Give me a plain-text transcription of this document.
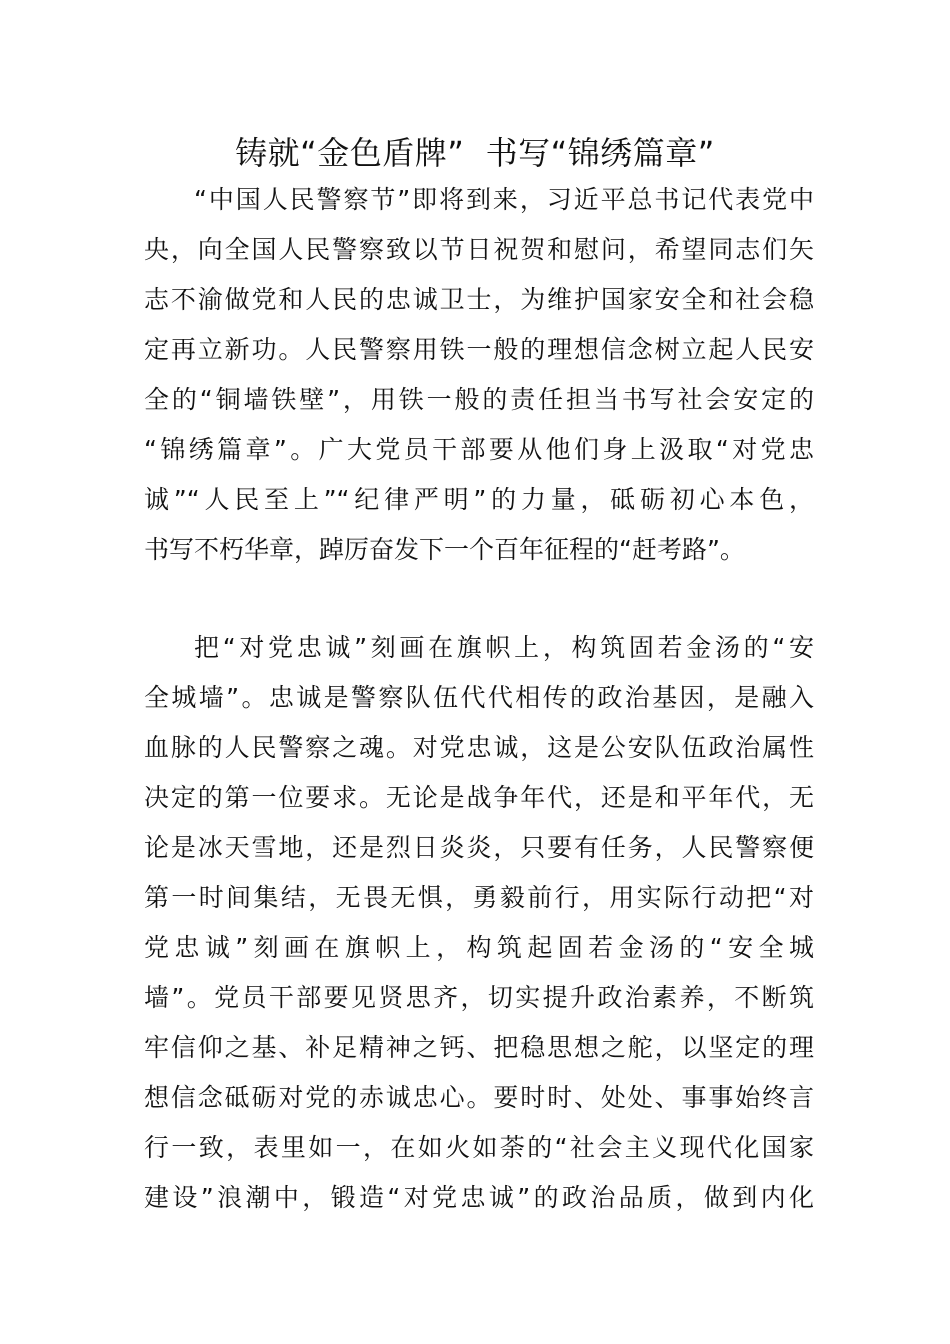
铸就“金色盾牌”  书写“锦绣篇章”
“中国人民警察节”即将到来，习近平总书记代表党中
央，向全国人民警察致以节日祝贺和慰问，希望同志们矢
志不渝做党和人民的忠诚卫士，为维护国家安全和社会稳
定再立新功。人民警察用铁一般的理想信念树立起人民安
全的“铜墙铁壁”，用铁一般的责任担当书写社会安定的
“锦绣篇章”。广大党员干部要从他们身上汲取“对党忠
诚”“人民至上”“纪律严明”的力量，砥砺初心本色，
书写不朽华章，踔厉奋发下一个百年征程的“赶考路”。
把“对党忠诚”刻画在旗帜上，构筑固若金汤的“安
全城墙”。忠诚是警察队伍代代相传的政治基因，是融入
血脉的人民警察之魂。对党忠诚，这是公安队伍政治属性
决定的第一位要求。无论是战争年代，还是和平年代，无
论是冰天雪地，还是烈日炎炎，只要有任务，人民警察便
第一时间集结，无畏无惧，勇毅前行，用实际行动把“对
党忠诚”刻画在旗帜上，构筑起固若金汤的“安全城
墙”。党员干部要见贤思齐，切实提升政治素养，不断筑
牢信仰之基、补足精神之钙、把稳思想之舵，以坚定的理
想信念砥砺对党的赤诚忠心。要时时、处处、事事始终言
行一致，表里如一，在如火如荼的“社会主义现代化国家
建设”浪潮中，锻造“对党忠诚”的政治品质，做到内化
